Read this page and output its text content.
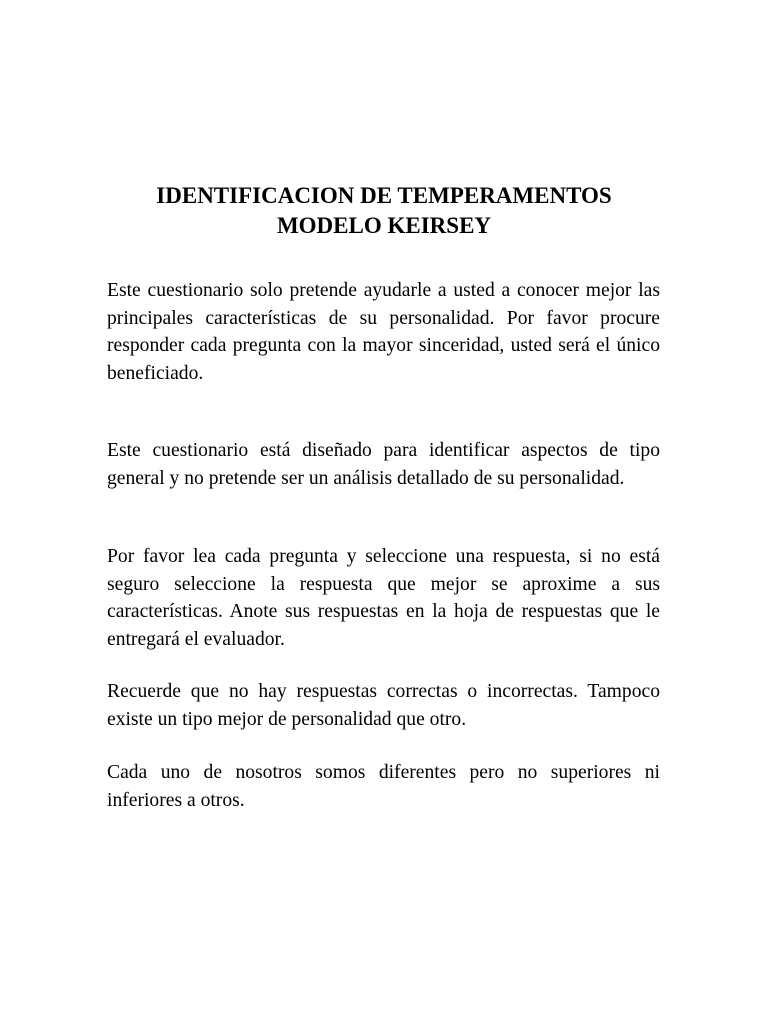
IDENTIFICACION DE TEMPERAMENTOS
MODELO KEIRSEY

Este cuestionario solo pretende ayudarle a usted a conocer mejor las principales características de su personalidad. Por favor procure responder cada pregunta con la mayor sinceridad, usted será el único beneficiado.

Este cuestionario está diseñado para identificar aspectos de tipo general y no pretende ser un análisis detallado de su personalidad.

Por favor lea cada pregunta y seleccione una respuesta, si no está seguro seleccione la respuesta que mejor se aproxime a sus características. Anote sus respuestas en la hoja de respuestas que le entregará el evaluador.

Recuerde que no hay respuestas correctas o incorrectas. Tampoco existe un tipo mejor de personalidad que otro.

Cada uno de nosotros somos diferentes pero no superiores ni inferiores a otros.
